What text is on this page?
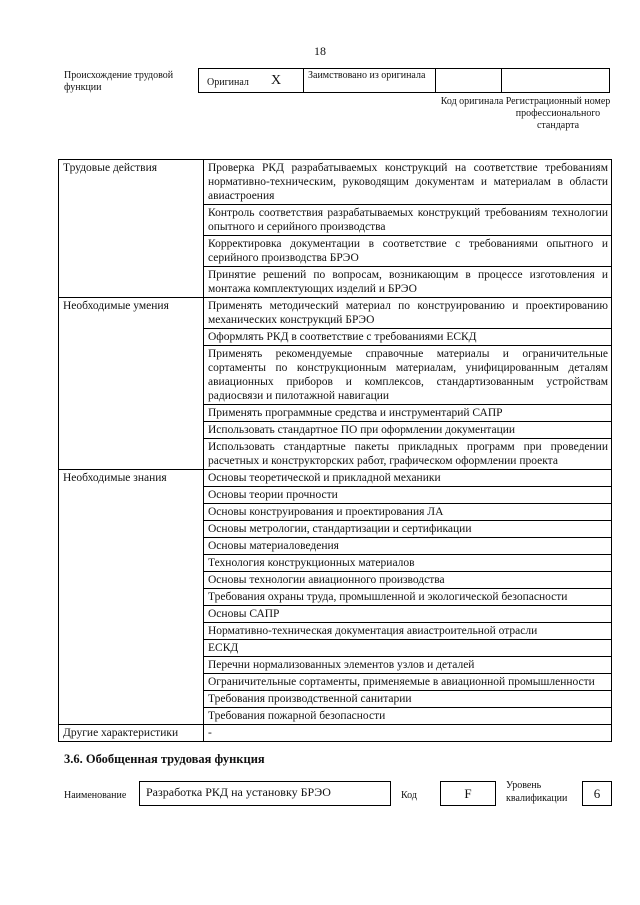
18
Происхождение трудовой функции	Оригинал X	Заимствовано из оригинала
Код оригинала Регистрационный номер профессионального стандарта
Трудовые действия	Проверка РКД разрабатываемых конструкций на соответствие требованиям нормативно-техническим, руководящим документам и материалам в области авиастроения
	Контроль соответствия разрабатываемых конструкций требованиям технологии опытного и серийного производства
	Корректировка документации в соответствие с требованиями опытного и серийного производства БРЭО
	Принятие решений по вопросам, возникающим в процессе изготовления и монтажа комплектующих изделий и БРЭО
Необходимые умения	Применять методический материал по конструированию и проектированию механических конструкций БРЭО
	Оформлять РКД в соответствие с требованиями ЕСКД
	Применять рекомендуемые справочные материалы и ограничительные сортаменты по конструкционным материалам, унифицированным деталям авиационных приборов и комплексов, стандартизованным устройствам радиосвязи и пилотажной навигации
	Применять программные средства и инструментарий САПР
	Использовать стандартное ПО при оформлении документации
	Использовать стандартные пакеты прикладных программ при проведении расчетных и конструкторских работ, графическом оформлении проекта
Необходимые знания	Основы теоретической и прикладной механики
	Основы теории прочности
	Основы конструирования и проектирования ЛА
	Основы метрологии, стандартизации и сертификации
	Основы материаловедения
	Технология конструкционных материалов
	Основы технологии авиационного производства
	Требования охраны труда, промышленной и экологической безопасности
	Основы САПР
	Нормативно-техническая документация авиастроительной отрасли
	ЕСКД
	Перечни нормализованных элементов узлов и деталей
	Ограничительные сортаменты, применяемые в авиационной промышленности
	Требования производственной санитарии
	Требования пожарной безопасности
Другие характеристики	-
3.6. Обобщенная трудовая функция
Наименование	Разработка РКД на установку БРЭО	Код	F
Уровень квалификации	6
